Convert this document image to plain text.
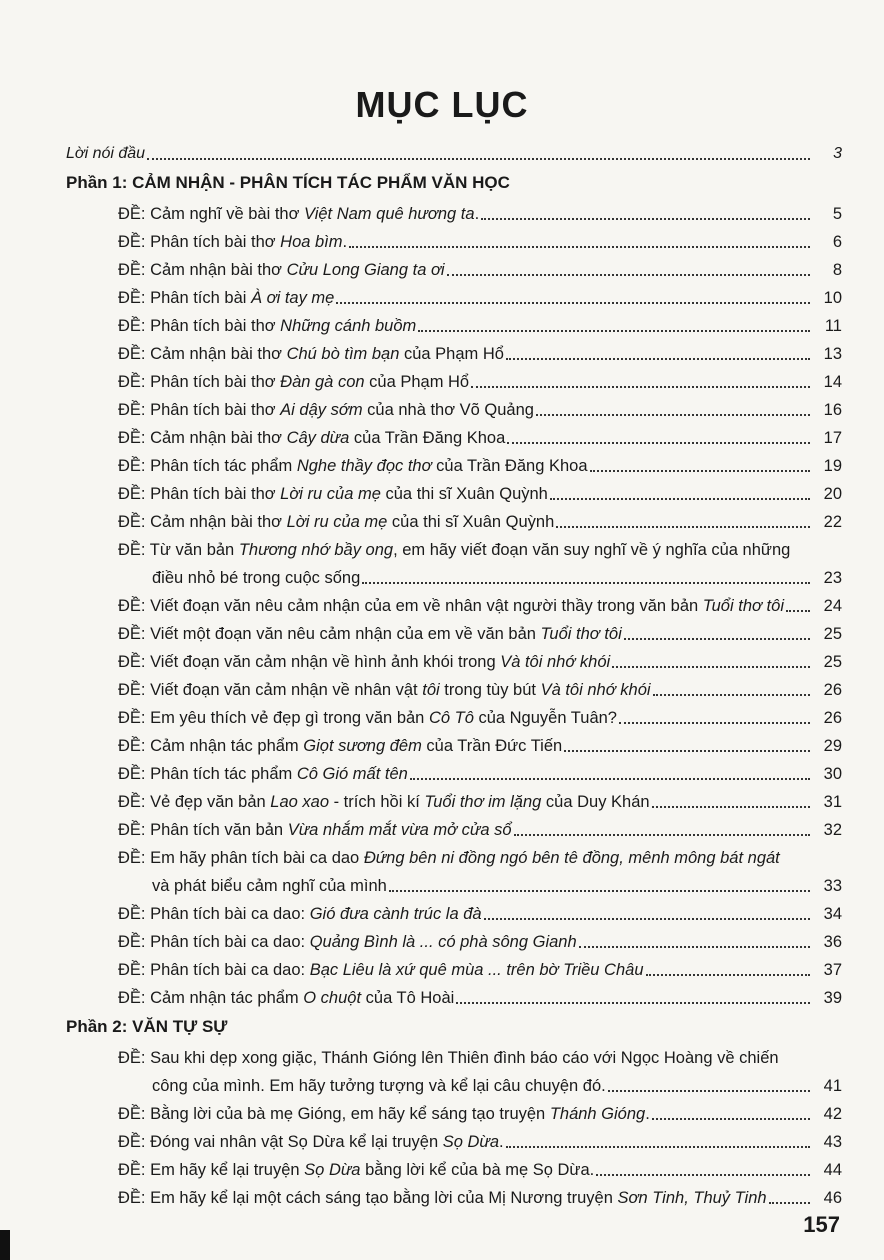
MỤC LỤC
Lời nói đầu	3
Phần 1: CẢM NHẬN - PHÂN TÍCH TÁC PHẨM VĂN HỌC
ĐỀ: Cảm nghĩ về bài thơ Việt Nam quê hương ta.	5
ĐỀ: Phân tích bài thơ Hoa bìm.	6
ĐỀ: Cảm nhận bài thơ Cửu Long Giang ta ơi	8
ĐỀ: Phân tích bài À ơi tay mẹ	10
ĐỀ: Phân tích bài thơ Những cánh buồm	11
ĐỀ: Cảm nhận bài thơ Chú bò tìm bạn của Phạm Hổ	13
ĐỀ: Phân tích bài thơ Đàn gà con của Phạm Hổ	14
ĐỀ: Phân tích bài thơ Ai dậy sớm của nhà thơ Võ Quảng	16
ĐỀ: Cảm nhận bài thơ Cây dừa của Trần Đăng Khoa	17
ĐỀ: Phân tích tác phẩm Nghe thầy đọc thơ của Trần Đăng Khoa	19
ĐỀ: Phân tích bài thơ Lời ru của mẹ của thi sĩ Xuân Quỳnh	20
ĐỀ: Cảm nhận bài thơ Lời ru của mẹ của thi sĩ Xuân Quỳnh	22
ĐỀ: Từ văn bản Thương nhớ bầy ong, em hãy viết đoạn văn suy nghĩ về ý nghĩa của những
điều nhỏ bé trong cuộc sống	23
ĐỀ: Viết đoạn văn nêu cảm nhận của em về nhân vật người thầy trong văn bản Tuổi thơ tôi	24
ĐỀ: Viết một đoạn văn nêu cảm nhận của em về văn bản Tuổi thơ tôi	25
ĐỀ: Viết đoạn văn cảm nhận về hình ảnh khói trong Và tôi nhớ khói	25
ĐỀ: Viết đoạn văn cảm nhận về nhân vật tôi trong tùy bút Và tôi nhớ khói	26
ĐỀ: Em yêu thích vẻ đẹp gì trong văn bản Cô Tô của Nguyễn Tuân?	26
ĐỀ: Cảm nhận tác phẩm Giọt sương đêm của Trần Đức Tiến	29
ĐỀ: Phân tích tác phẩm Cô Gió mất tên	30
ĐỀ: Vẻ đẹp văn bản Lao xao - trích hồi kí Tuổi thơ im lặng của Duy Khán	31
ĐỀ: Phân tích văn bản Vừa nhắm mắt vừa mở cửa sổ	32
ĐỀ: Em hãy phân tích bài ca dao Đứng bên ni đồng ngó bên tê đồng, mênh mông bát ngát
và phát biểu cảm nghĩ của mình	33
ĐỀ: Phân tích bài ca dao: Gió đưa cành trúc la đà	34
ĐỀ: Phân tích bài ca dao: Quảng Bình là ... có phà sông Gianh	36
ĐỀ: Phân tích bài ca dao: Bạc Liêu là xứ quê mùa ... trên bờ Triều Châu	37
ĐỀ: Cảm nhận tác phẩm O chuột của Tô Hoài	39
Phần 2: VĂN TỰ SỰ
ĐỀ: Sau khi dẹp xong giặc, Thánh Gióng lên Thiên đình báo cáo với Ngọc Hoàng về chiến
công của mình. Em hãy tưởng tượng và kể lại câu chuyện đó.	41
ĐỀ: Bằng lời của bà mẹ Gióng, em hãy kể sáng tạo truyện Thánh Gióng.	42
ĐỀ: Đóng vai nhân vật Sọ Dừa kể lại truyện Sọ Dừa.	43
ĐỀ: Em hãy kể lại truyện Sọ Dừa bằng lời kể của bà mẹ Sọ Dừa.	44
ĐỀ: Em hãy kể lại một cách sáng tạo bằng lời của Mị Nương truyện Sơn Tinh, Thuỷ Tinh	46
157
